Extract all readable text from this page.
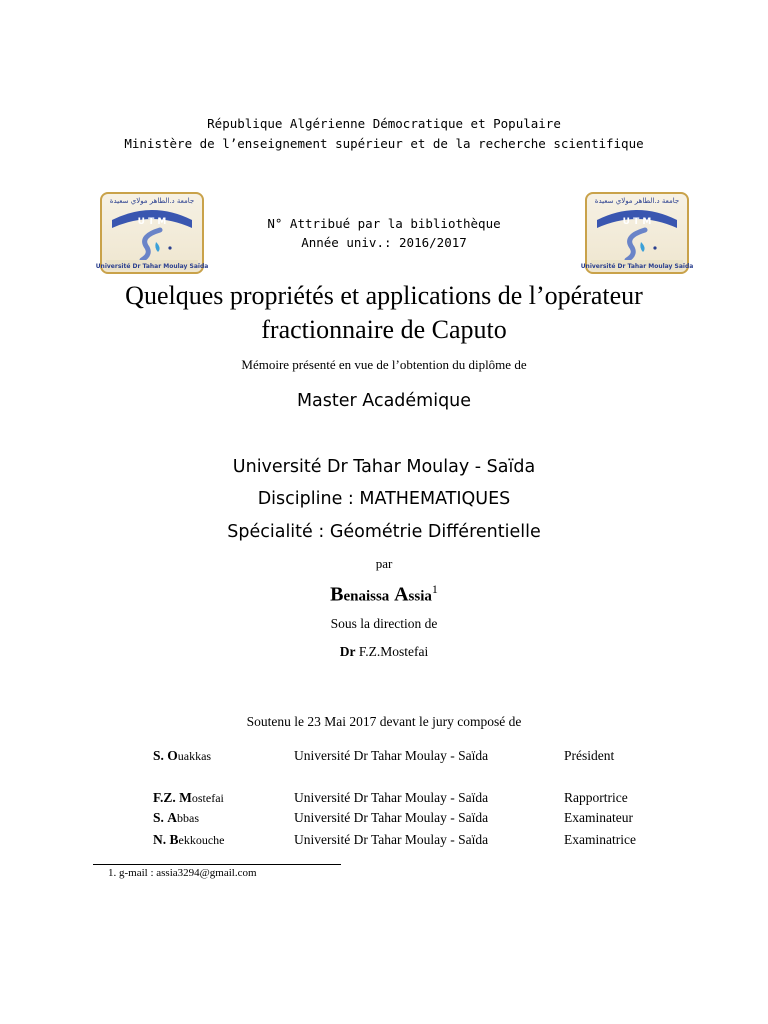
République Algérienne Démocratique et Populaire
Ministère de l’enseignement supérieur et de la recherche scientifique
جامعة د.الطاهر مولاي سعيدة
U T M
Université Dr Tahar Moulay Saïda
جامعة د.الطاهر مولاي سعيدة
U T M
Université Dr Tahar Moulay Saïda
N° Attribué par la bibliothèque
Année univ.: 2016/2017
Quelques propriétés et applications de l’opérateur
fractionnaire de Caputo
Mémoire présenté en vue de l’obtention du diplôme de
Master Académique
Université Dr Tahar Moulay - Saïda
Discipline : MATHEMATIQUES
Spécialité : Géométrie Différentielle
par
Benaissa Assia$^1$
Sous la direction de
Dr F.Z.Mostefai
Soutenu le 23 Mai 2017 devant le jury composé de
S. Ouakkas	Université Dr Tahar Moulay - Saïda	Président
F.Z. Mostefai	Université Dr Tahar Moulay - Saïda	Rapportrice
S. Abbas	Université Dr Tahar Moulay - Saïda	Examinateur
N. Bekkouche	Université Dr Tahar Moulay - Saïda	Examinatrice
1. g-mail : assia3294@gmail.com
